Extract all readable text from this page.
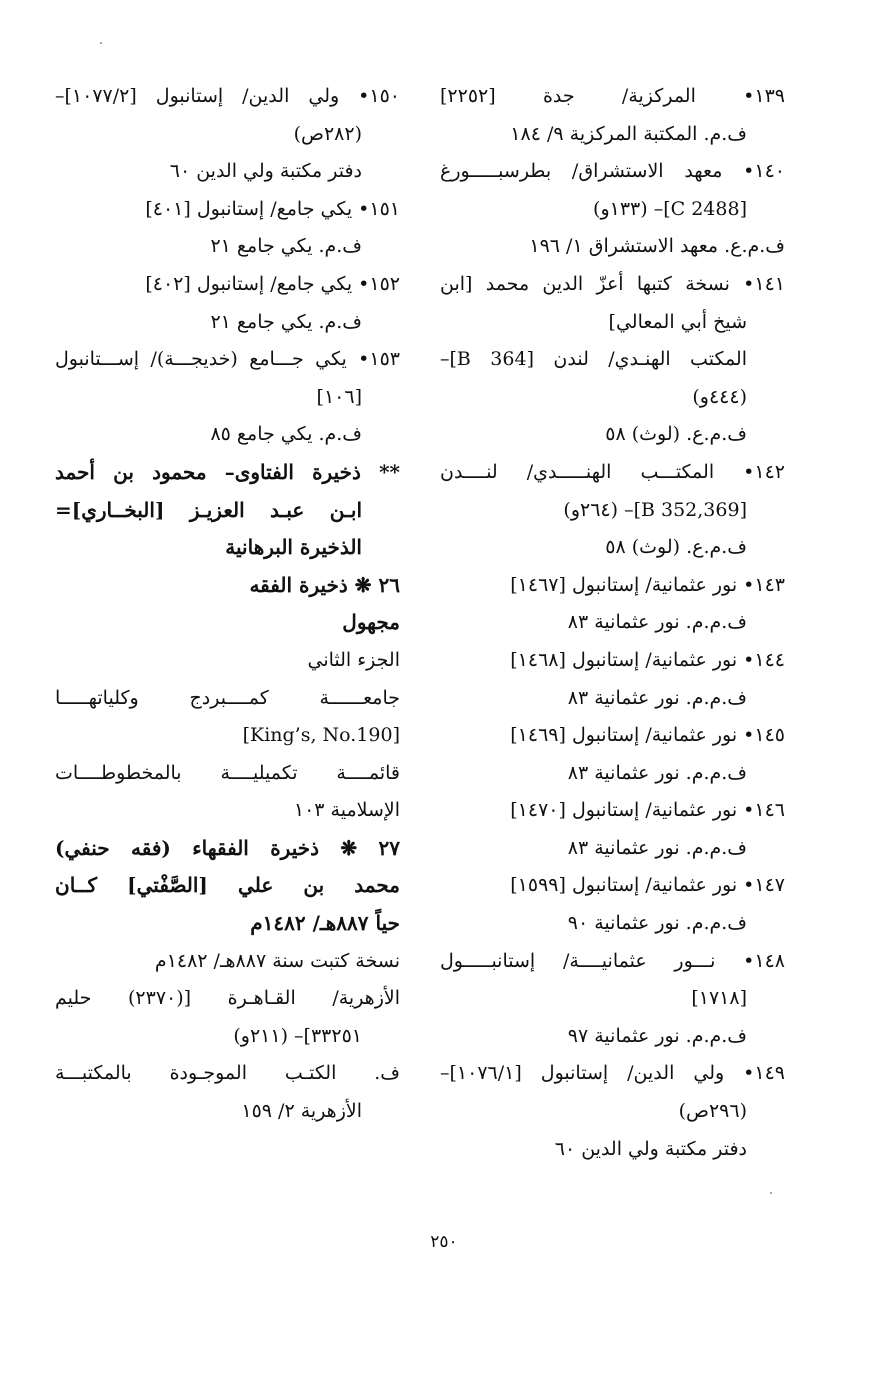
١٣٩• المركزية/ جدة [٢٢٥٢]
ف.م. المكتبة المركزية ٩/ ١٨٤
١٤٠• معهد الاستشراق/ بطرسبـــــورغ
[C 2488]– (١٣٣و)
ف.م.ع. معهد الاستشراق ١/ ١٩٦
١٤١• نسخة كتبها أعزّ الدين محمد [ابن
شيخ أبي المعالي]
المكتب الهنـدي/ لندن [B 364]–
(٤٤٤و)
ف.م.ع. (لوث) ٥٨
١٤٢• المكتـــب الهنـــــدي/ لنــــدن
[B 352,369]– (٢٦٤و)
ف.م.ع. (لوث) ٥٨
١٤٣• نور عثمانية/ إستانبول [١٤٦٧]
ف.م.م. نور عثمانية ٨٣
١٤٤• نور عثمانية/ إستانبول [١٤٦٨]
ف.م.م. نور عثمانية ٨٣
١٤٥• نور عثمانية/ إستانبول [١٤٦٩]
ف.م.م. نور عثمانية ٨٣
١٤٦• نور عثمانية/ إستانبول [١٤٧٠]
ف.م.م. نور عثمانية ٨٣
١٤٧• نور عثمانية/ إستانبول [١٥٩٩]
ف.م.م. نور عثمانية ٩٠
١٤٨• نـــور عثمانيــــة/ إستانبـــــول
[١٧١٨]
ف.م.م. نور عثمانية ٩٧
١٤٩• ولي الدين/ إستانبول [١٠٧٦/١]–
(٢٩٦ص)
دفتر مكتبة ولي الدين ٦٠
١٥٠• ولي الدين/ إستانبول [١٠٧٧/٢]–
(٢٨٢ص)
دفتر مكتبة ولي الدين ٦٠
١٥١• يكي جامع/ إستانبول [٤٠١]
ف.م. يكي جامع ٢١
١٥٢• يكي جامع/ إستانبول [٤٠٢]
ف.م. يكي جامع ٢١
١٥٣• يكي جـــامع (خديجـــة)/ إســـتانبول
[١٠٦]
ف.م. يكي جامع ٨٥
** ذخيرة الفتاوى– محمود بن أحمد
ابـن عبـد العزيـز [البخــاري]=
الذخيرة البرهانية
٢٦ ❋ ذخيرة الفقه
مجهول
الجزء الثاني
جامعــــــة كمــــبردج وكلياتهـــــا
[King’s, No.190]
قائمــــة تكميليــــة بالمخطوطــــات
الإسلامية ١٠٣
٢٧ ❋ ذخيرة الفقهاء (فقه حنفي)
محمد بن علي [الصَّفْتي] كــان
حياً ٨٨٧هـ/ ١٤٨٢م
نسخة كتبت سنة ٨٨٧هـ/ ١٤٨٢م
الأزهرية/ القـاهـرة [(٢٣٧٠) حليم
٣٣٢٥١]– (٢١١و)
ف. الكتـب الموجـودة بالمكتبـــة
الأزهرية ٢/ ١٥٩
٢٥٠
